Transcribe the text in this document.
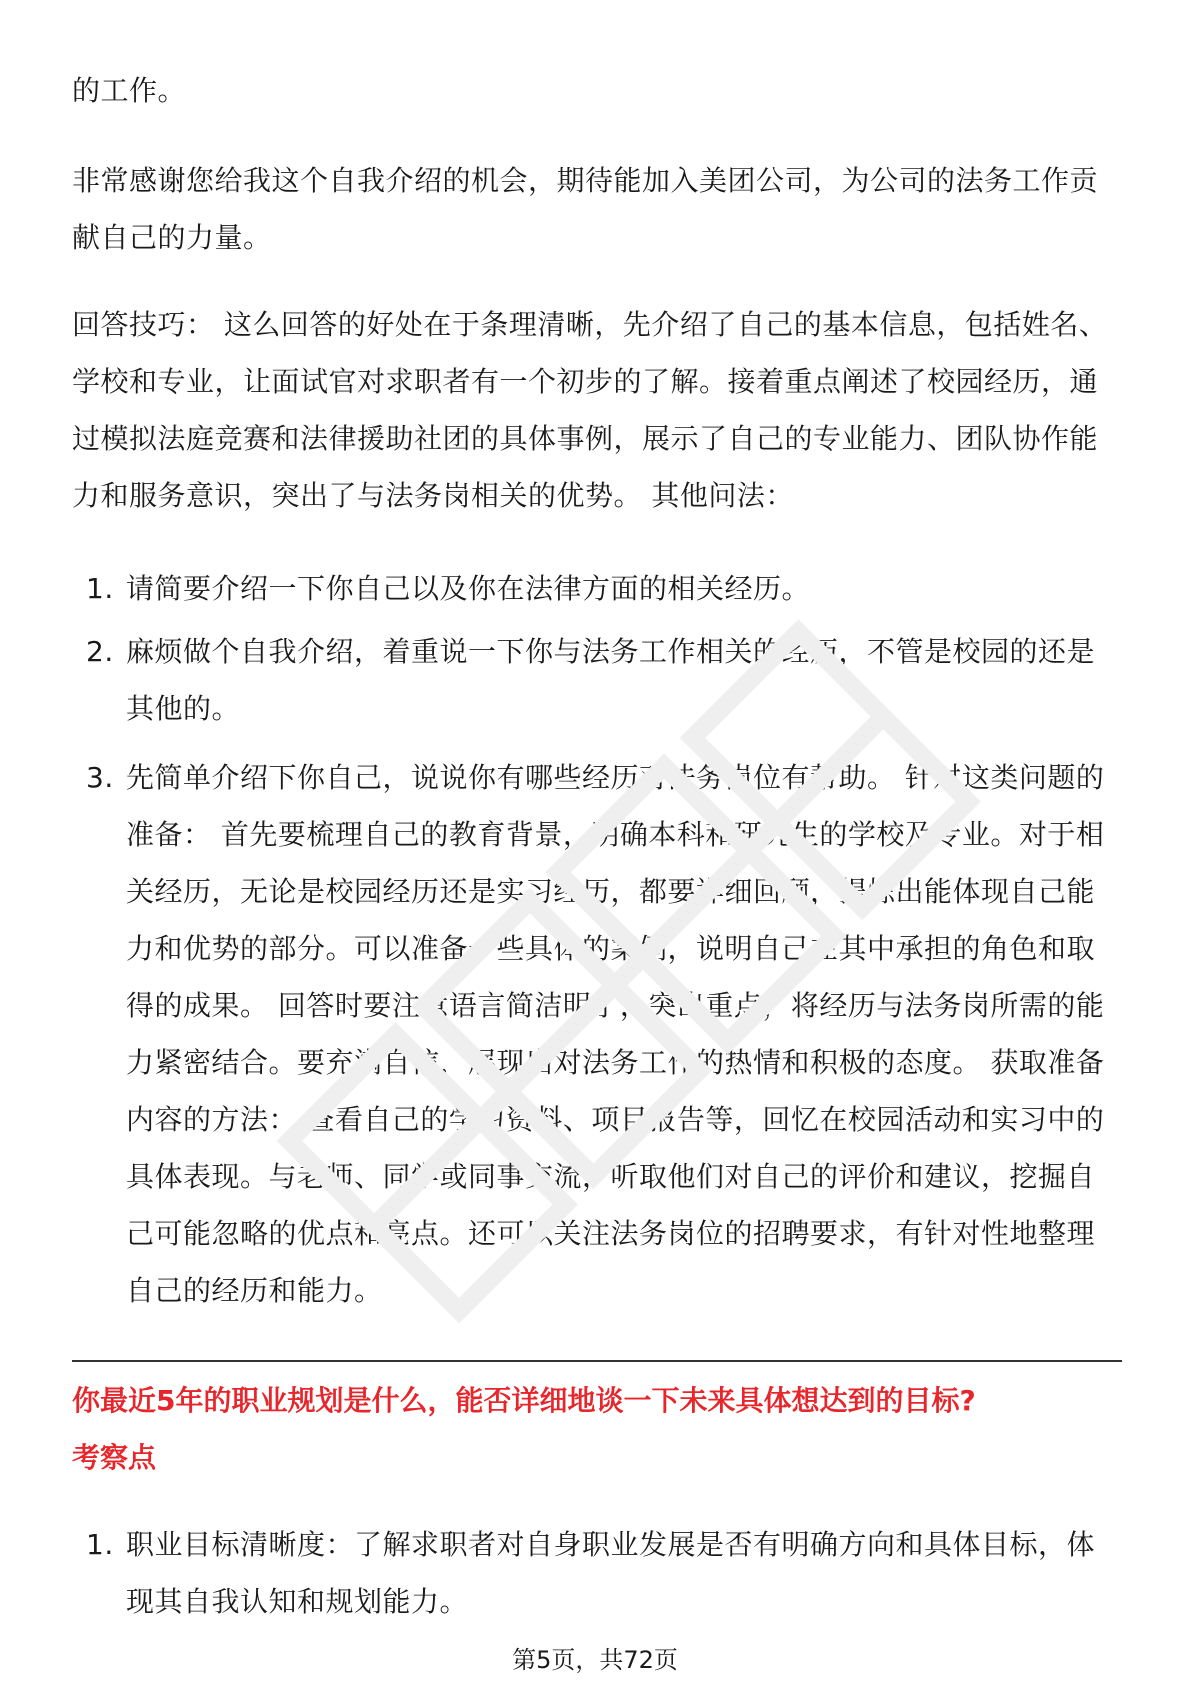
的工作。

非常感谢您给我这个自我介绍的机会，期待能加入美团公司，为公司的法务工作贡献自己的力量。

回答技巧： 这么回答的好处在于条理清晰，先介绍了自己的基本信息，包括姓名、学校和专业，让面试官对求职者有一个初步的了解。接着重点阐述了校园经历，通过模拟法庭竞赛和法律援助社团的具体事例，展示了自己的专业能力、团队协作能力和服务意识，突出了与法务岗相关的优势。 其他问法：

1. 请简要介绍一下你自己以及你在法律方面的相关经历。
2. 麻烦做个自我介绍，着重说一下你与法务工作相关的经历，不管是校园的还是其他的。
3. 先简单介绍下你自己，说说你有哪些经历对法务岗位有帮助。 针对这类问题的准备： 首先要梳理自己的教育背景，明确本科和研究生的学校及专业。对于相关经历，无论是校园经历还是实习经历，都要详细回顾，提炼出能体现自己能力和优势的部分。可以准备一些具体的案例，说明自己在其中承担的角色和取得的成果。 回答时要注意语言简洁明了，突出重点，将经历与法务岗所需的能力紧密结合。要充满自信，展现出对法务工作的热情和积极的态度。 获取准备内容的方法： 查看自己的学习资料、项目报告等，回忆在校园活动和实习中的具体表现。与老师、同学或同事交流，听取他们对自己的评价和建议，挖掘自己可能忽略的优点和亮点。还可以关注法务岗位的招聘要求，有针对性地整理自己的经历和能力。

你最近5年的职业规划是什么，能否详细地谈一下未来具体想达到的目标?

考察点

1. 职业目标清晰度：了解求职者对自身职业发展是否有明确方向和具体目标，体现其自我认知和规划能力。
第5页，共72页
